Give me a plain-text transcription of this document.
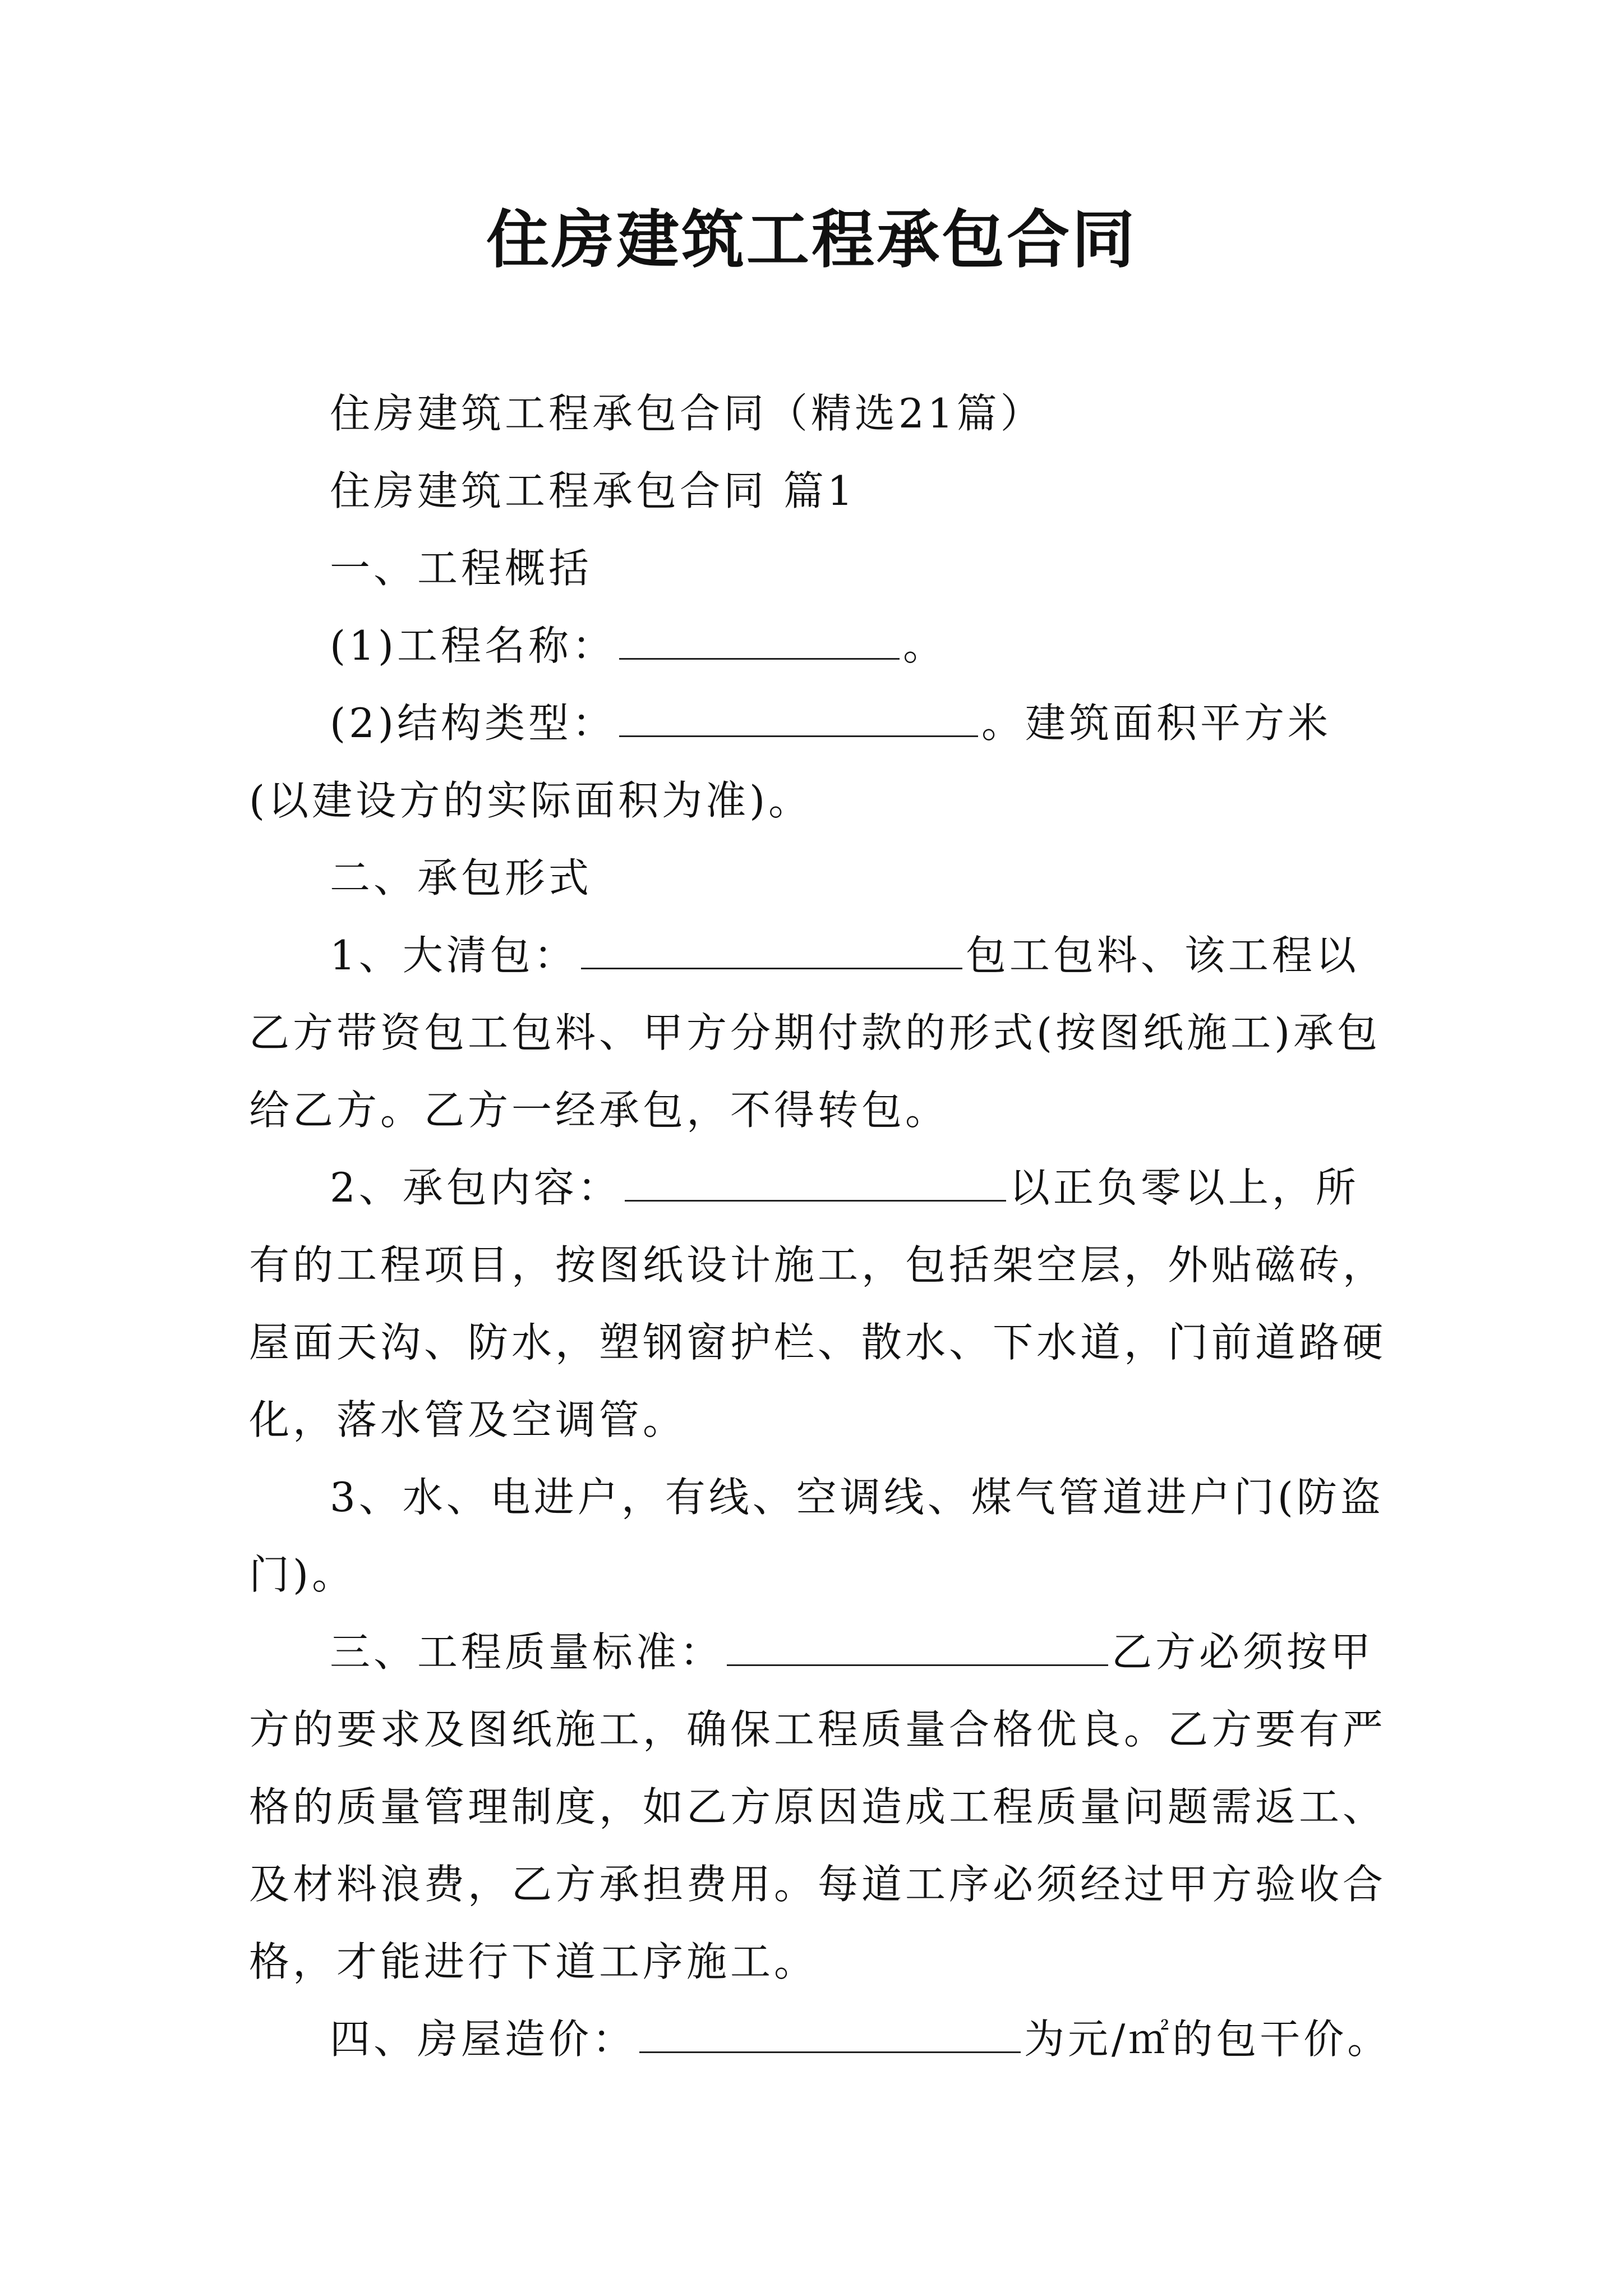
住房建筑工程承包合同

住房建筑工程承包合同（精选21篇）

住房建筑工程承包合同 篇1

一、工程概括

(1)工程名称：	。

(2)结构类型：	。建筑面积平方米(以建设方的实际面积为准)。

二、承包形式

1、大清包：	包工包料、该工程以乙方带资包工包料、甲方分期付款的形式(按图纸施工)承包给乙方。乙方一经承包，不得转包。

2、承包内容：	以正负零以上，所有的工程项目，按图纸设计施工，包括架空层，外贴磁砖，屋面天沟、防水，塑钢窗护栏、散水、下水道，门前道路硬化，落水管及空调管。

3、水、电进户，有线、空调线、煤气管道进户门(防盗门)。

三、工程质量标准：	乙方必须按甲方的要求及图纸施工，确保工程质量合格优良。乙方要有严格的质量管理制度，如乙方原因造成工程质量问题需返工、及材料浪费，乙方承担费用。每道工序必须经过甲方验收合格，才能进行下道工序施工。

四、房屋造价：	为元/㎡的包干价。
